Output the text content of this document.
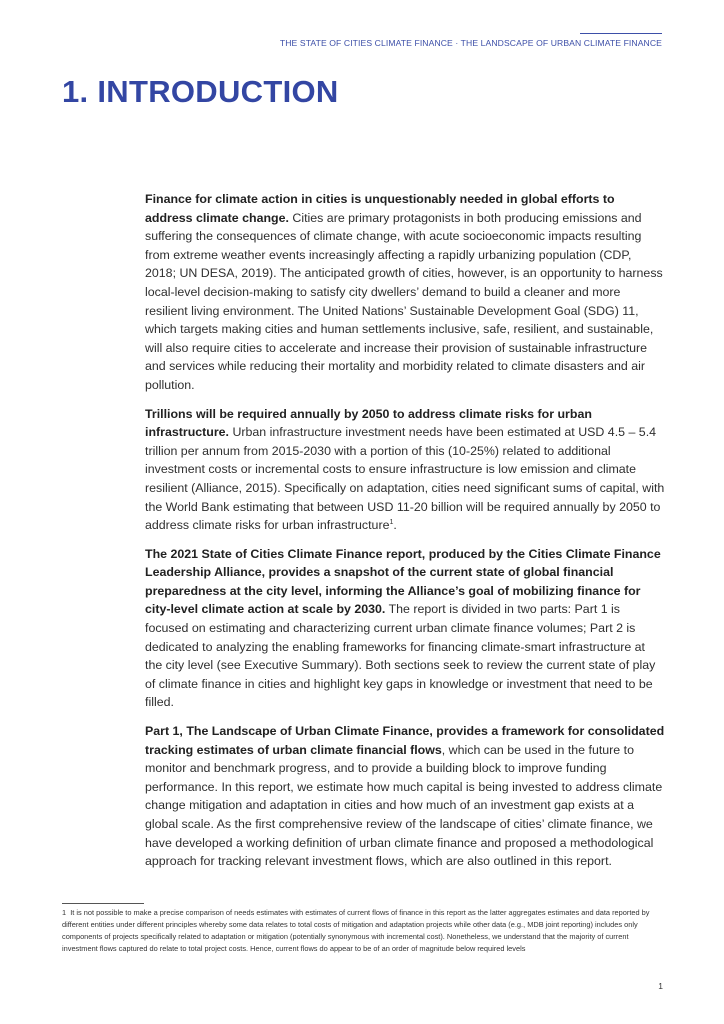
THE STATE OF CITIES CLIMATE FINANCE · THE LANDSCAPE OF URBAN CLIMATE FINANCE
1. INTRODUCTION

Finance for climate action in cities is unquestionably needed in global efforts to address climate change. Cities are primary protagonists in both producing emissions and suffering the consequences of climate change, with acute socioeconomic impacts resulting from extreme weather events increasingly affecting a rapidly urbanizing population (CDP, 2018; UN DESA, 2019). The anticipated growth of cities, however, is an opportunity to harness local-level decision-making to satisfy city dwellers’ demand to build a cleaner and more resilient living environment. The United Nations’ Sustainable Development Goal (SDG) 11, which targets making cities and human settlements inclusive, safe, resilient, and sustainable, will also require cities to accelerate and increase their provision of sustainable infrastructure and services while reducing their mortality and morbidity related to climate disasters and air pollution.

Trillions will be required annually by 2050 to address climate risks for urban infrastructure. Urban infrastructure investment needs have been estimated at USD 4.5 – 5.4 trillion per annum from 2015-2030 with a portion of this (10-25%) related to additional investment costs or incremental costs to ensure infrastructure is low emission and climate resilient (Alliance, 2015). Specifically on adaptation, cities need significant sums of capital, with the World Bank estimating that between USD 11-20 billion will be required annually by 2050 to address climate risks for urban infrastructure$^1$.

The 2021 State of Cities Climate Finance report, produced by the Cities Climate Finance Leadership Alliance, provides a snapshot of the current state of global financial preparedness at the city level, informing the Alliance’s goal of mobilizing finance for city-level climate action at scale by 2030. The report is divided in two parts: Part 1 is focused on estimating and characterizing current urban climate finance volumes; Part 2 is dedicated to analyzing the enabling frameworks for financing climate-smart infrastructure at the city level (see Executive Summary). Both sections seek to review the current state of play of climate finance in cities and highlight key gaps in knowledge or investment that need to be filled.

Part 1, The Landscape of Urban Climate Finance, provides a framework for consolidated tracking estimates of urban climate financial flows, which can be used in the future to monitor and benchmark progress, and to provide a building block to improve funding performance. In this report, we estimate how much capital is being invested to address climate change mitigation and adaptation in cities and how much of an investment gap exists at a global scale. As the first comprehensive review of the landscape of cities’ climate finance, we have developed a working definition of urban climate finance and proposed a methodological approach for tracking relevant investment flows, which are also outlined in this report.

1 It is not possible to make a precise comparison of needs estimates with estimates of current flows of finance in this report as the latter aggregates estimates and data reported by different entities under different principles whereby some data relates to total costs of mitigation and adaptation projects while other data (e.g., MDB joint reporting) includes only components of projects specifically related to adaptation or mitigation (potentially synonymous with incremental cost). Nonetheless, we understand that the majority of current investment flows captured do relate to total project costs. Hence, current flows do appear to be of an order of magnitude below required levels

1
